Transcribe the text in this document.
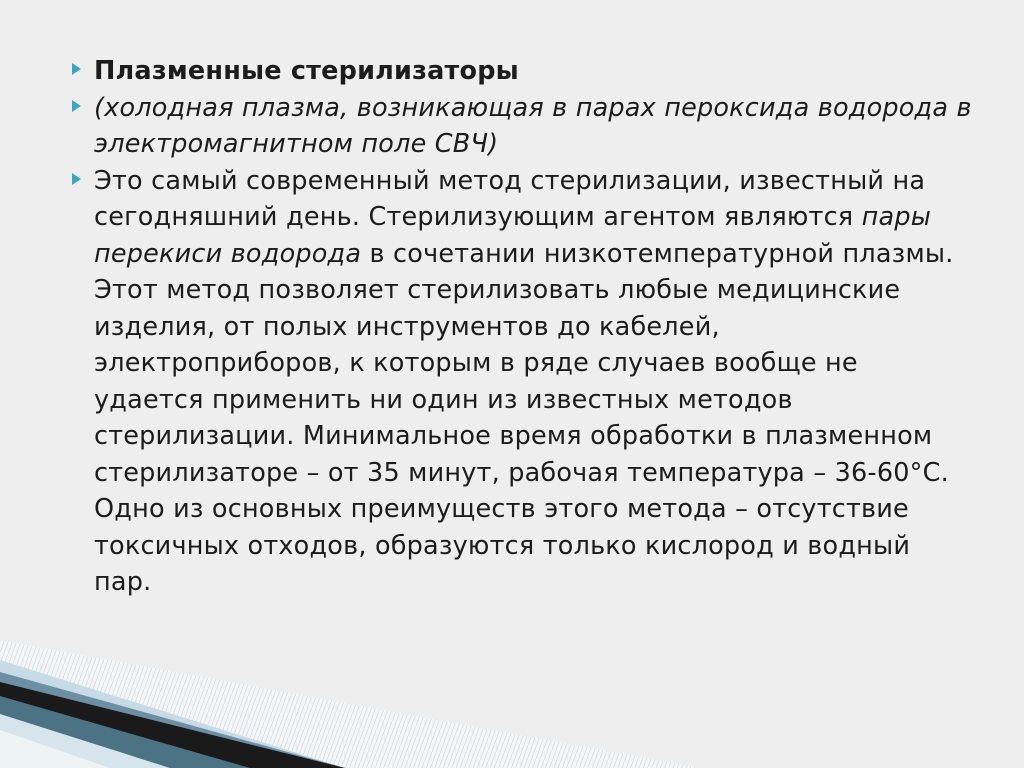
Плазменные стерилизаторы
(холодная плазма, возникающая в парах пероксида водорода в электромагнитном поле СВЧ)
Это самый современный метод стерилизации, известный на сегодняшний день. Стерилизующим агентом являются пары перекиси водорода в сочетании низкотемпературной плазмы. Этот метод позволяет стерилизовать любые медицинские изделия, от полых инструментов до кабелей, электроприборов, к которым в ряде случаев вообще не удается применить ни один из известных методов стерилизации. Минимальное время обработки в плазменном стерилизаторе – от 35 минут, рабочая температура – 36-60°С. Одно из основных преимуществ этого метода – отсутствие токсичных отходов, образуются только кислород и водный пар.
